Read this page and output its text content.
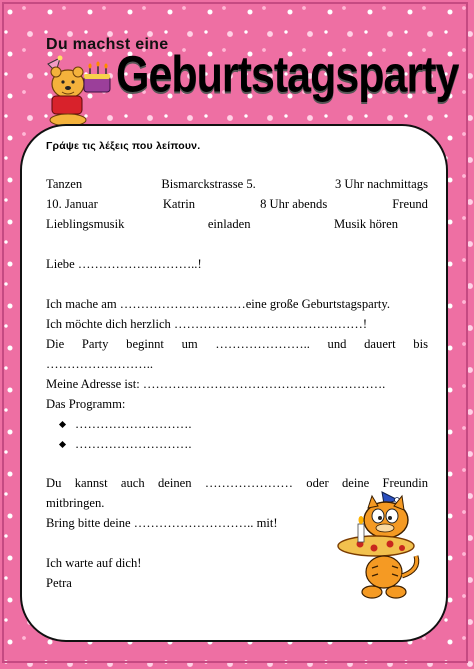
Du machst eine
Geburtstagsparty
Γράψε τις λέξεις που λείπουν.
Tanzen	Bismarckstrasse 5.	3 Uhr nachmittags
10. Januar	Katrin	8 Uhr abends	Freund
Lieblingsmusik	einladen	Musik hören
Liebe ………………………..!
Ich mache am …………………………eine große Geburtstagsparty.
Ich möchte dich herzlich ………………………………………!
Die Party beginnt um ………………….. und dauert bis
……………………..
Meine Adresse ist: ………………………………………………….
Das Programm:
……………………….
……………………….
Du kannst auch deinen ………………… oder deine Freundin
mitbringen.
Bring bitte deine ……………………….. mit!
Ich warte auf dich!
Petra
